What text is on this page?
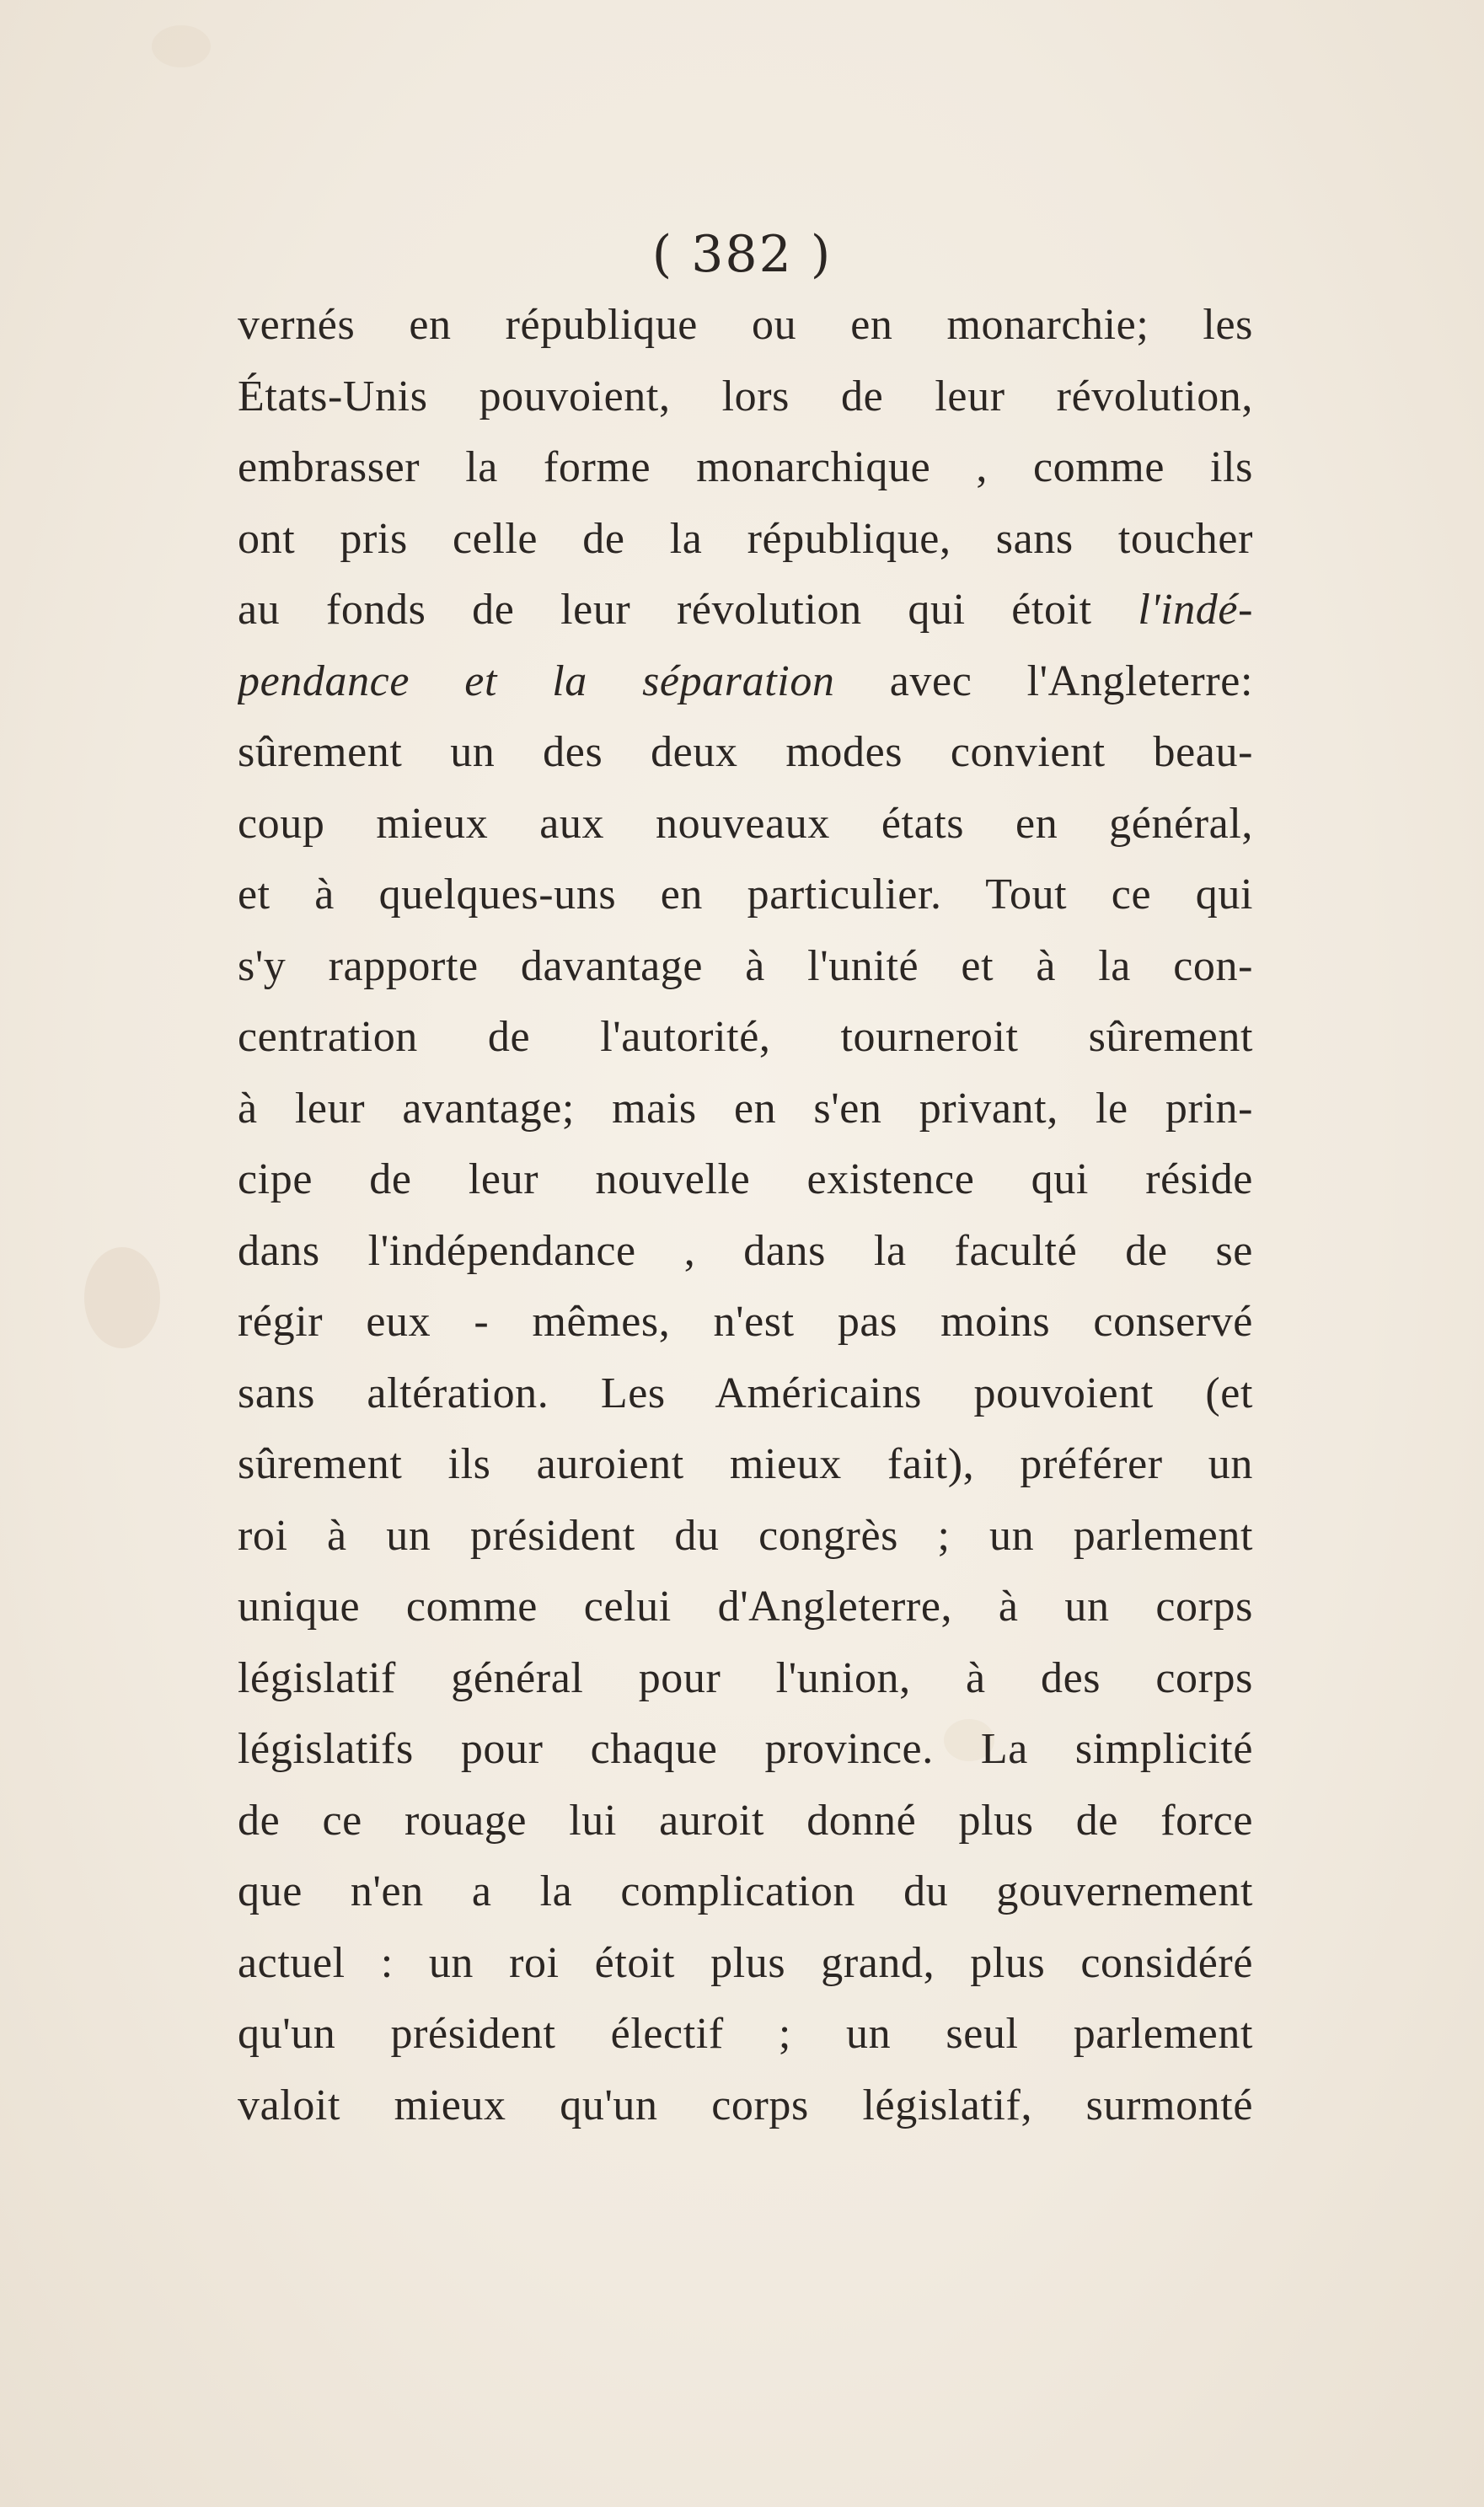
( 382 )
vernés en république ou en monarchie; les
États-Unis pouvoient, lors de leur révolution,
embrasser la forme monarchique , comme ils
ont pris celle de la république, sans toucher
au fonds de leur révolution qui étoit l'indé-
pendance et la séparation avec l'Angleterre:
sûrement un des deux modes convient beau-
coup mieux aux nouveaux états en général,
et à quelques-uns en particulier. Tout ce qui
s'y rapporte davantage à l'unité et à la con-
centration de l'autorité, tourneroit sûrement
à leur avantage; mais en s'en privant, le prin-
cipe de leur nouvelle existence qui réside
dans l'indépendance , dans la faculté de se
régir eux - mêmes, n'est pas moins conservé
sans altération. Les Américains pouvoient (et
sûrement ils auroient mieux fait), préférer un
roi à un président du congrès ; un parlement
unique comme celui d'Angleterre, à un corps
législatif général pour l'union, à des corps
législatifs pour chaque province. La simplicité
de ce rouage lui auroit donné plus de force
que n'en a la complication du gouvernement
actuel : un roi étoit plus grand, plus considéré
qu'un président électif ; un seul parlement
valoit mieux qu'un corps législatif, surmonté
